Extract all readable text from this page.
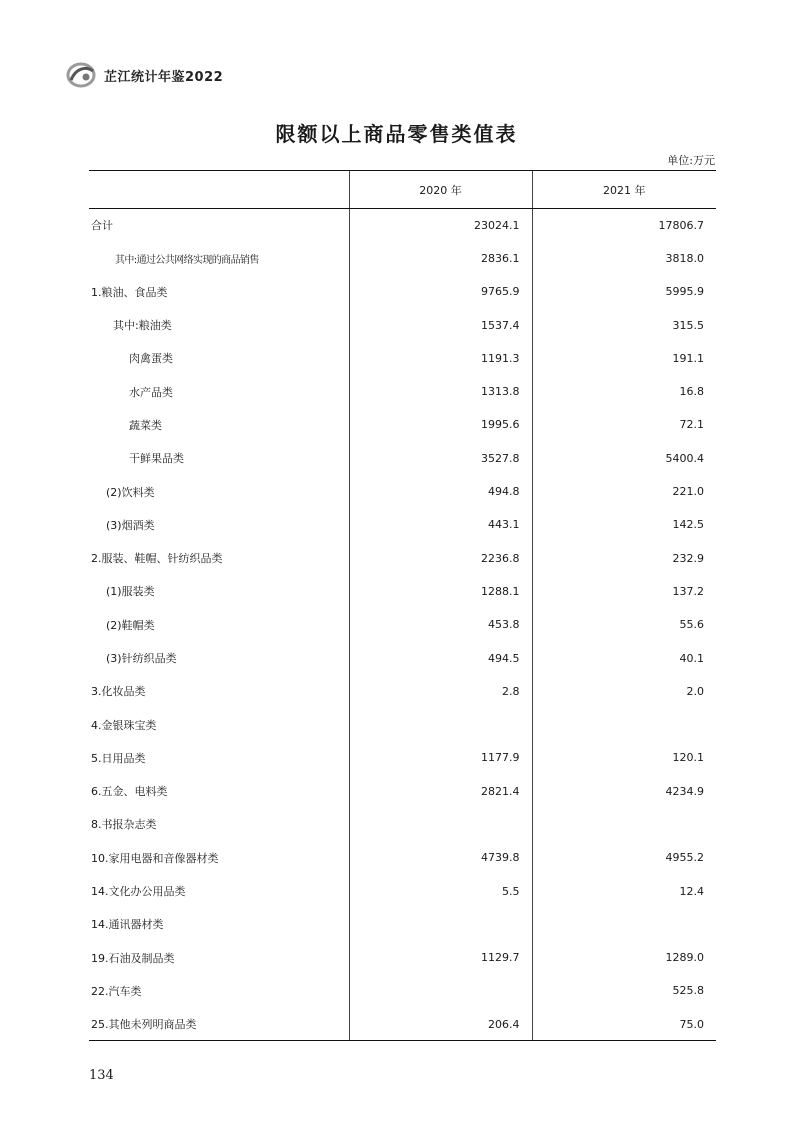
芷江统计年鉴2022
限额以上商品零售类值表
单位:万元
	2020 年	2021 年
合计	23024.1	17806.7
其中:通过公共网络实现的商品销售	2836.1	3818.0
1.粮油、食品类	9765.9	5995.9
其中:粮油类	1537.4	315.5
肉禽蛋类	1191.3	191.1
水产品类	1313.8	16.8
蔬菜类	1995.6	72.1
干鲜果品类	3527.8	5400.4
(2)饮料类	494.8	221.0
(3)烟酒类	443.1	142.5
2.服装、鞋帽、针纺织品类	2236.8	232.9
(1)服装类	1288.1	137.2
(2)鞋帽类	453.8	55.6
(3)针纺织品类	494.5	40.1
3.化妆品类	2.8	2.0
4.金银珠宝类		
5.日用品类	1177.9	120.1
6.五金、电料类	2821.4	4234.9
8.书报杂志类		
10.家用电器和音像器材类	4739.8	4955.2
14.文化办公用品类	5.5	12.4
14.通讯器材类		
19.石油及制品类	1129.7	1289.0
22.汽车类		525.8
25.其他未列明商品类	206.4	75.0
134
